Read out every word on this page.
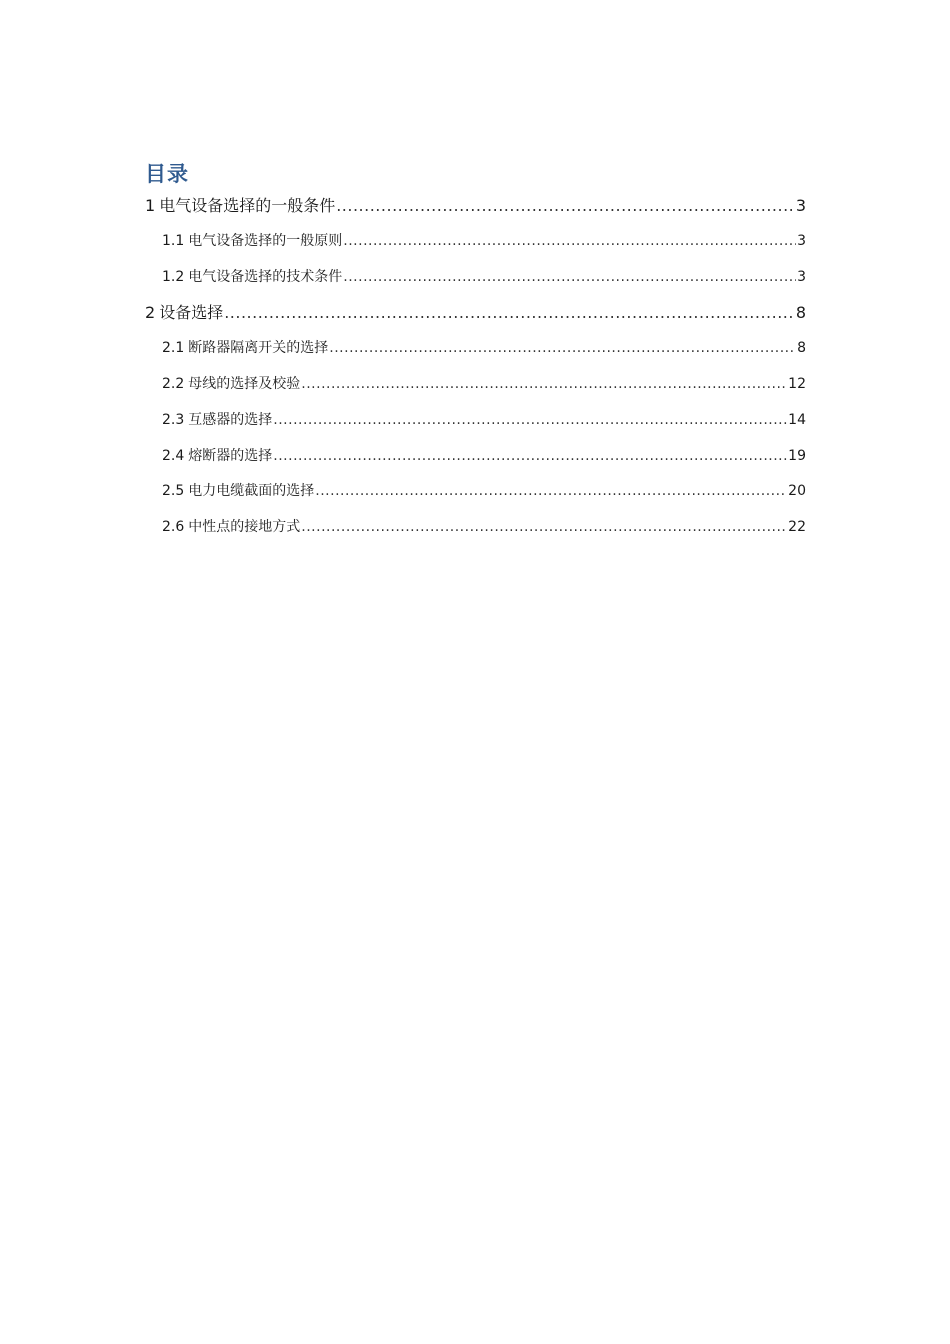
目录
1 电气设备选择的一般条件 .....	3
1.1 电气设备选择的一般原则 .....	3
1.2 电气设备选择的技术条件 .....	3
2 设备选择 .....	8
2.1 断路器隔离开关的选择 .....	8
2.2 母线的选择及校验 .....	12
2.3 互感器的选择 .....	14
2.4 熔断器的选择 .....	19
2.5 电力电缆截面的选择 .....	20
2.6 中性点的接地方式 .....	22
